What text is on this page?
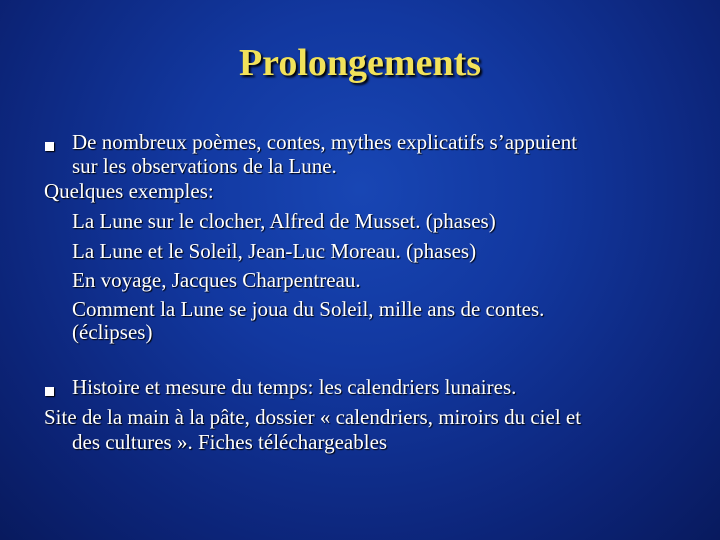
Prolongements
De nombreux poèmes, contes, mythes explicatifs s’appuient
sur les observations de la Lune.
Quelques exemples:
La Lune sur le clocher, Alfred de Musset. (phases)
La Lune et le Soleil, Jean-Luc Moreau. (phases)
En voyage, Jacques Charpentreau.
Comment la Lune se joua du Soleil, mille ans de contes.
(éclipses)
Histoire et mesure du temps: les calendriers lunaires.
Site de la main à la pâte, dossier « calendriers, miroirs du ciel et
des cultures ». Fiches téléchargeables
